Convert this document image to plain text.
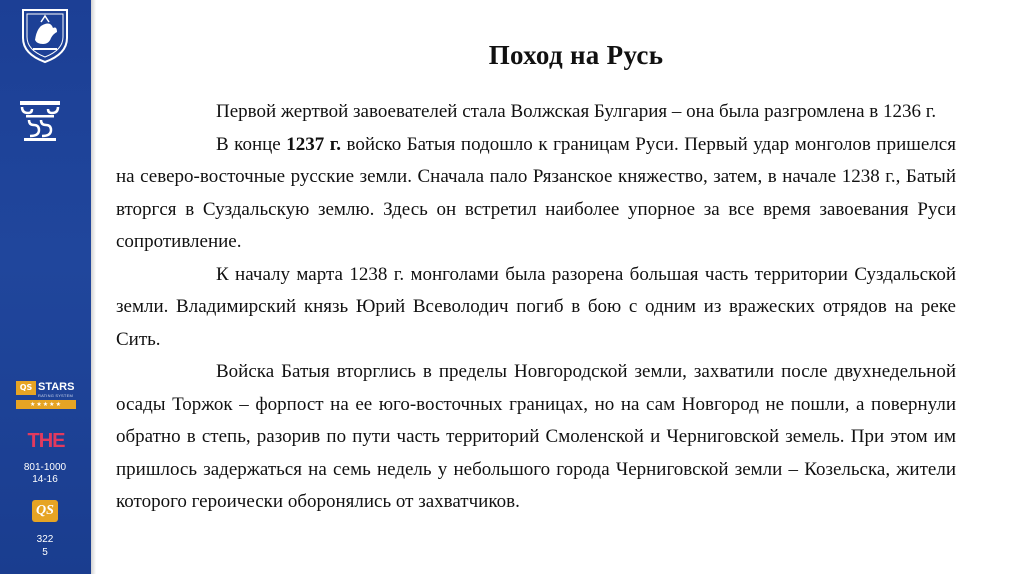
QS STARS
RATING SYSTEM
★★★★★
THE
801-1000
14-16
QS
322
5
Поход на Русь

Первой жертвой завоевателей стала Волжская Булгария – она была разгромлена в 1236 г.

В конце 1237 г. войско Батыя подошло к границам Руси. Первый удар монголов пришелся на северо-восточные русские земли. Сначала пало Рязанское княжество, затем, в начале 1238 г., Батый вторгся в Суздальскую землю. Здесь он встретил наиболее упорное за все время завоевания Руси сопротивление.

К началу марта 1238 г. монголами была разорена большая часть территории Суздальской земли. Владимирский князь Юрий Всеволодич погиб в бою с одним из вражеских отрядов на реке Сить.

Войска Батыя вторглись в пределы Новгородской земли, захватили после двухнедельной осады Торжок – форпост на ее юго-восточных границах, но на сам Новгород не пошли, а повернули обратно в степь, разорив по пути часть территорий Смоленской и Черниговской земель. При этом им пришлось задержаться на семь недель у небольшого города Черниговской земли – Козельска, жители которого героически оборонялись от захватчиков.
